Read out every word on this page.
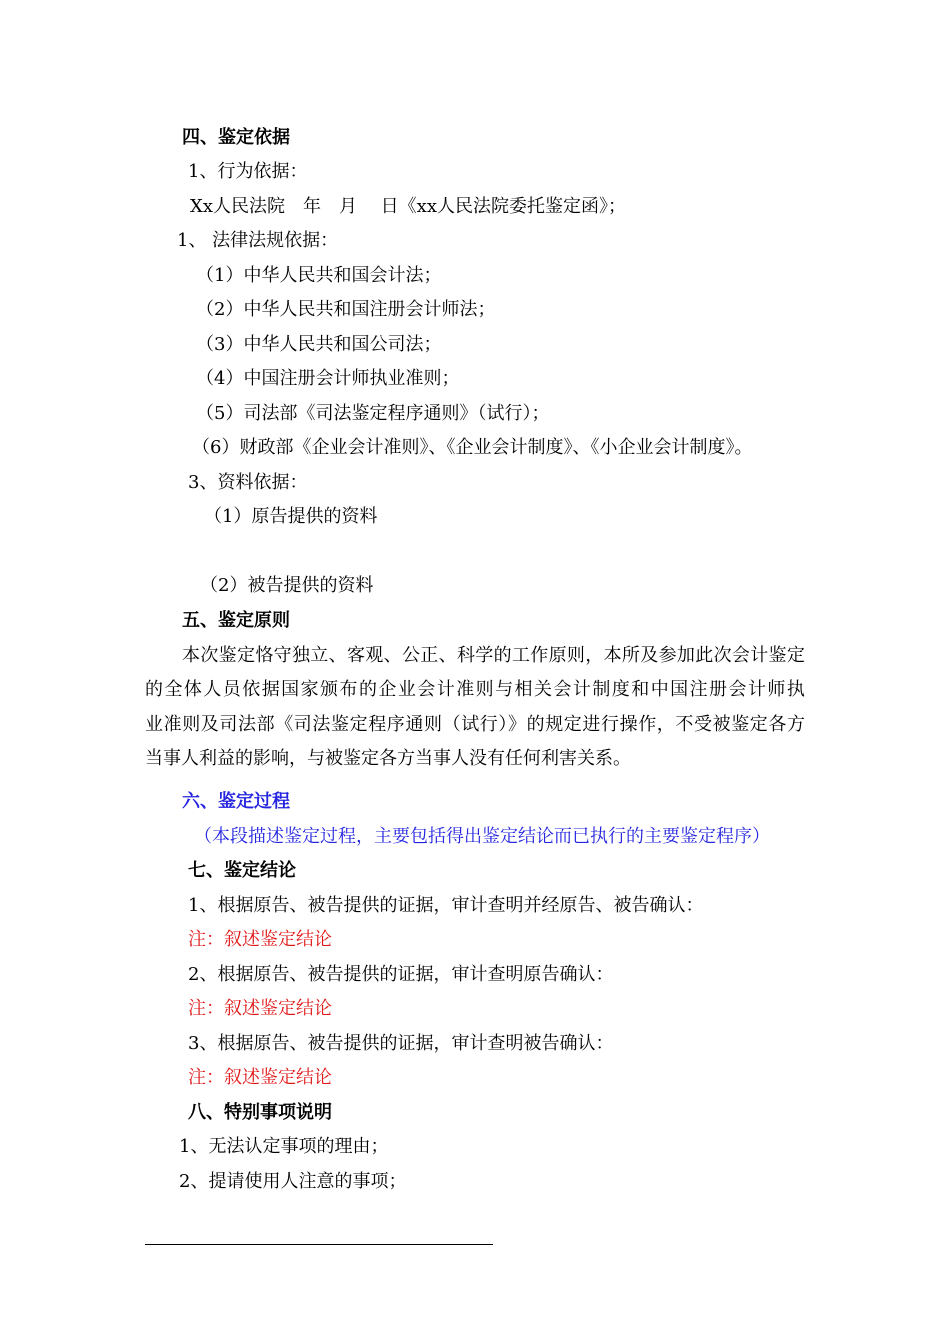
四、鉴定依据
1、行为依据：
Xx人民法院　年　月　 日《xx人民法院委托鉴定函》；
1、 法律法规依据：
（1）中华人民共和国会计法；
（2）中华人民共和国注册会计师法；
（3）中华人民共和国公司法；
（4）中国注册会计师执业准则；
（5）司法部《司法鉴定程序通则》（试行）；
（6）财政部《企业会计准则》、《企业会计制度》、《小企业会计制度》。
3、资料依据：
（1）原告提供的资料
（2）被告提供的资料
五、鉴定原则
本次鉴定恪守独立、客观、公正、科学的工作原则，本所及参加此次会计鉴定
的全体人员依据国家颁布的企业会计准则与相关会计制度和中国注册会计师执
业准则及司法部《司法鉴定程序通则（试行）》的规定进行操作，不受被鉴定各方
当事人利益的影响，与被鉴定各方当事人没有任何利害关系。
六、鉴定过程
（本段描述鉴定过程，主要包括得出鉴定结论而已执行的主要鉴定程序）
七、鉴定结论
1、根据原告、被告提供的证据，审计查明并经原告、被告确认：
注：叙述鉴定结论
2、根据原告、被告提供的证据，审计查明原告确认：
注：叙述鉴定结论
3、根据原告、被告提供的证据，审计查明被告确认：
注：叙述鉴定结论
八、特别事项说明
1、无法认定事项的理由；
2、提请使用人注意的事项；
